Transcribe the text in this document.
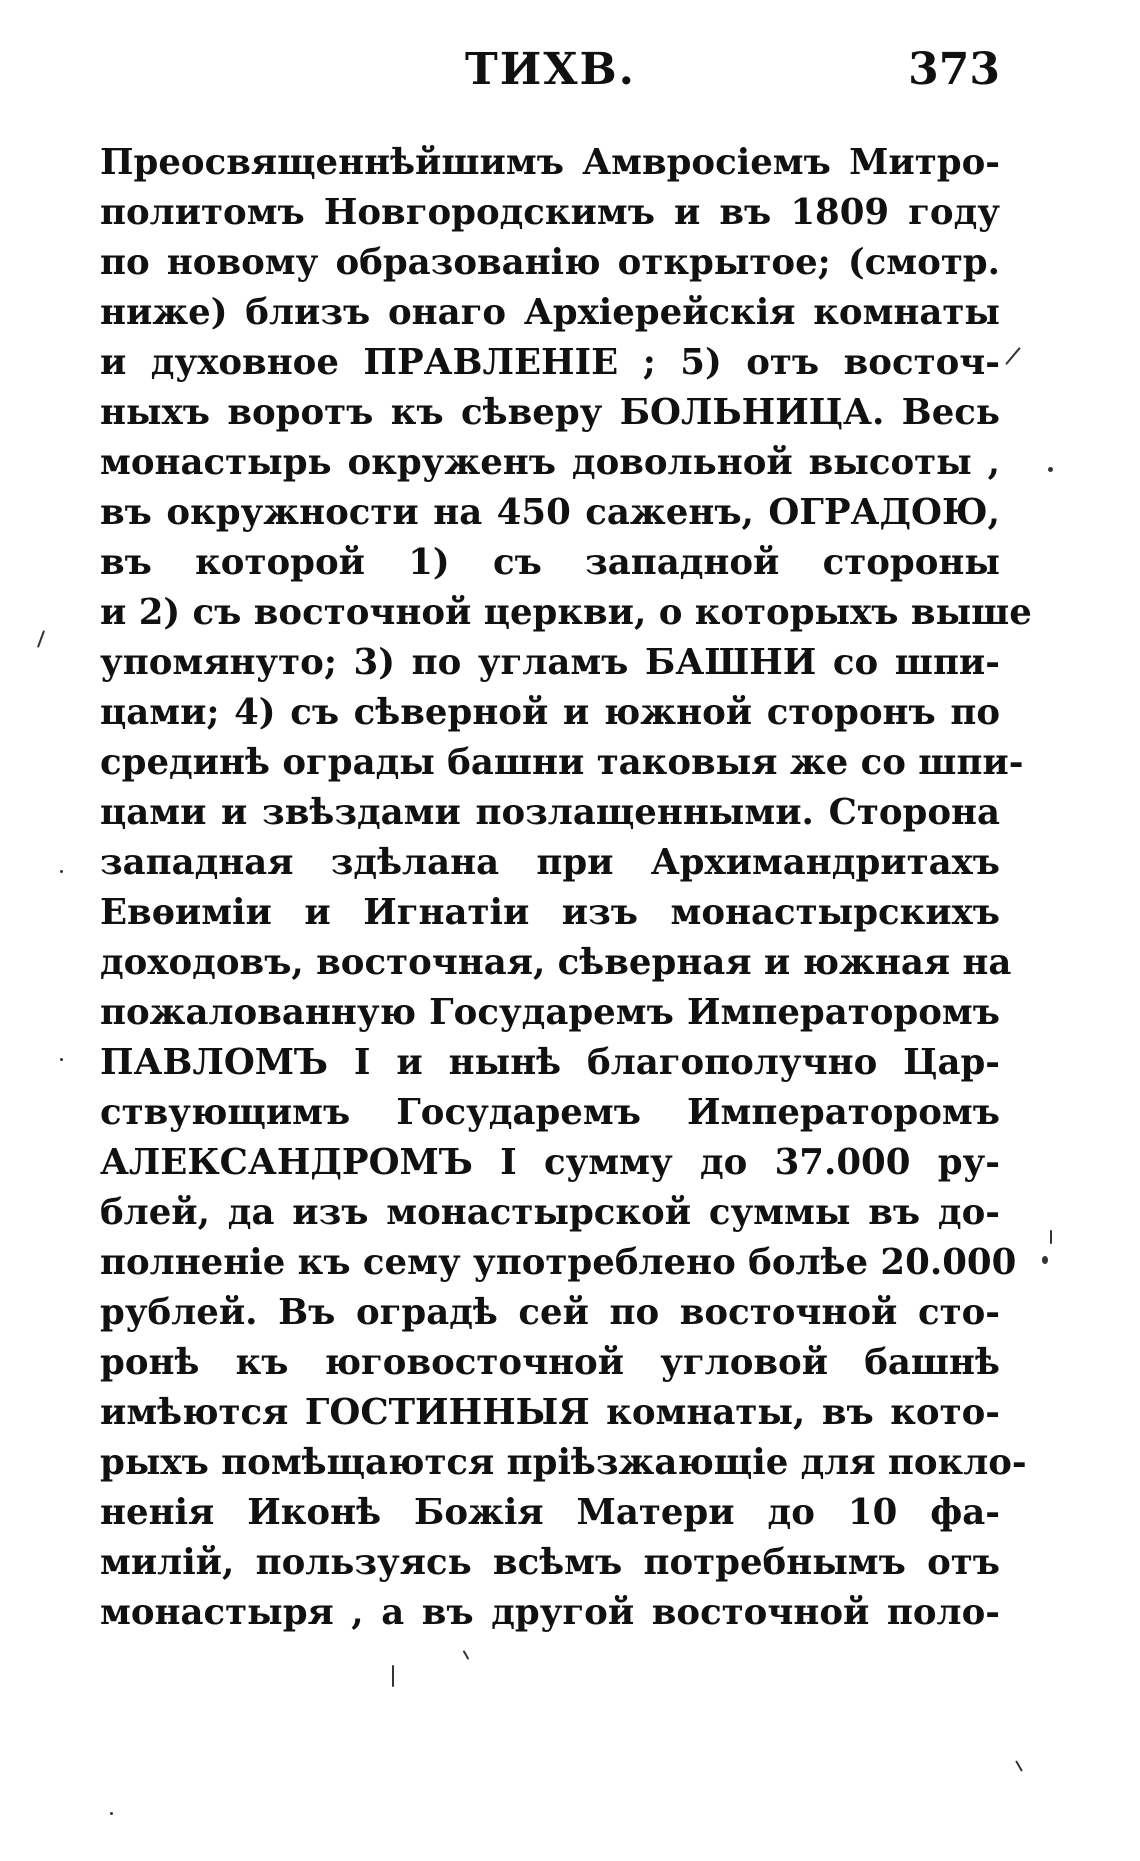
ТИХВ.	373
Преосвященнѣйшимъ Амвросіемъ Митро-
политомъ Новгородскимъ и въ 1809 году
по новому образованію открытое; (смотр.
ниже) близъ онаго Архіерейскія комнаты
и духовное ПРАВЛЕНІЕ ; 5) отъ восточ-
ныхъ воротъ къ сѣверу БОЛЬНИЦА. Весь
монастырь окруженъ довольной высоты ,
въ окружности на 450 саженъ, ОГРАДОЮ,
въ которой 1) съ западной стороны
и 2) съ восточной церкви, о которыхъ выше
упомянуто; 3) по угламъ БАШНИ со шпи-
цами; 4) съ сѣверной и южной сторонъ по
срединѣ ограды башни таковыя же со шпи-
цами и звѣздами позлащенными. Сторона
западная здѣлана при Архимандритахъ
Евѳиміи и Игнатіи изъ монастырскихъ
доходовъ, восточная, сѣверная и южная на
пожалованную Государемъ Императоромъ
ПАВЛОМЪ I и нынѣ благополучно Цар-
ствующимъ Государемъ Императоромъ
АЛЕКСАНДРОМЪ I сумму до 37.000 ру-
блей, да изъ монастырской суммы въ до-
полненіе къ сему употреблено болѣе 20.000
рублей. Въ оградѣ сей по восточной сто-
ронѣ къ юговосточной угловой башнѣ
имѣются ГОСТИННЫЯ комнаты, въ кото-
рыхъ помѣщаются пріѣзжающіе для покло-
ненія Иконѣ Божія Матери до 10 фа-
милій, пользуясь всѣмъ потребнымъ отъ
монастыря , а въ другой восточной поло-
